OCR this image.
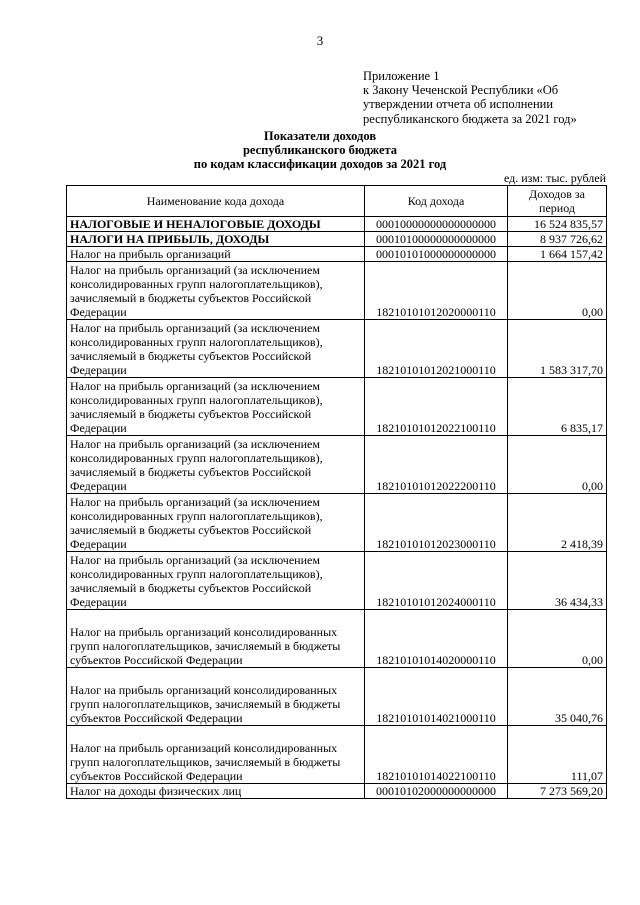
3
Приложение 1
к Закону Чеченской Республики «Об
утверждении отчета об исполнении
республиканского бюджета за 2021 год»
Показатели доходов
республиканского бюджета
по кодам классификации доходов за 2021 год
ед. изм: тыс. рублей
Наименование кода дохода	Код дохода	Доходов за период
НАЛОГОВЫЕ И НЕНАЛОГОВЫЕ ДОХОДЫ	00010000000000000000	16 524 835,57
НАЛОГИ НА ПРИБЫЛЬ, ДОХОДЫ	00010100000000000000	8 937 726,62
Налог на прибыль организаций	00010101000000000000	1 664 157,42
Налог на прибыль организаций (за исключением консолидированных групп налогоплательщиков), зачисляемый в бюджеты субъектов Российской Федерации	18210101012020000110	0,00
Налог на прибыль организаций (за исключением консолидированных групп налогоплательщиков), зачисляемый в бюджеты субъектов Российской Федерации	18210101012021000110	1 583 317,70
Налог на прибыль организаций (за исключением консолидированных групп налогоплательщиков), зачисляемый в бюджеты субъектов Российской Федерации	18210101012022100110	6 835,17
Налог на прибыль организаций (за исключением консолидированных групп налогоплательщиков), зачисляемый в бюджеты субъектов Российской Федерации	18210101012022200110	0,00
Налог на прибыль организаций (за исключением консолидированных групп налогоплательщиков), зачисляемый в бюджеты субъектов Российской Федерации	18210101012023000110	2 418,39
Налог на прибыль организаций (за исключением консолидированных групп налогоплательщиков), зачисляемый в бюджеты субъектов Российской Федерации	18210101012024000110	36 434,33
Налог на прибыль организаций консолидированных групп налогоплательщиков, зачисляемый в бюджеты субъектов Российской Федерации	18210101014020000110	0,00
Налог на прибыль организаций консолидированных групп налогоплательщиков, зачисляемый в бюджеты субъектов Российской Федерации	18210101014021000110	35 040,76
Налог на прибыль организаций консолидированных групп налогоплательщиков, зачисляемый в бюджеты субъектов Российской Федерации	18210101014022100110	111,07
Налог на доходы физических лиц	00010102000000000000	7 273 569,20
